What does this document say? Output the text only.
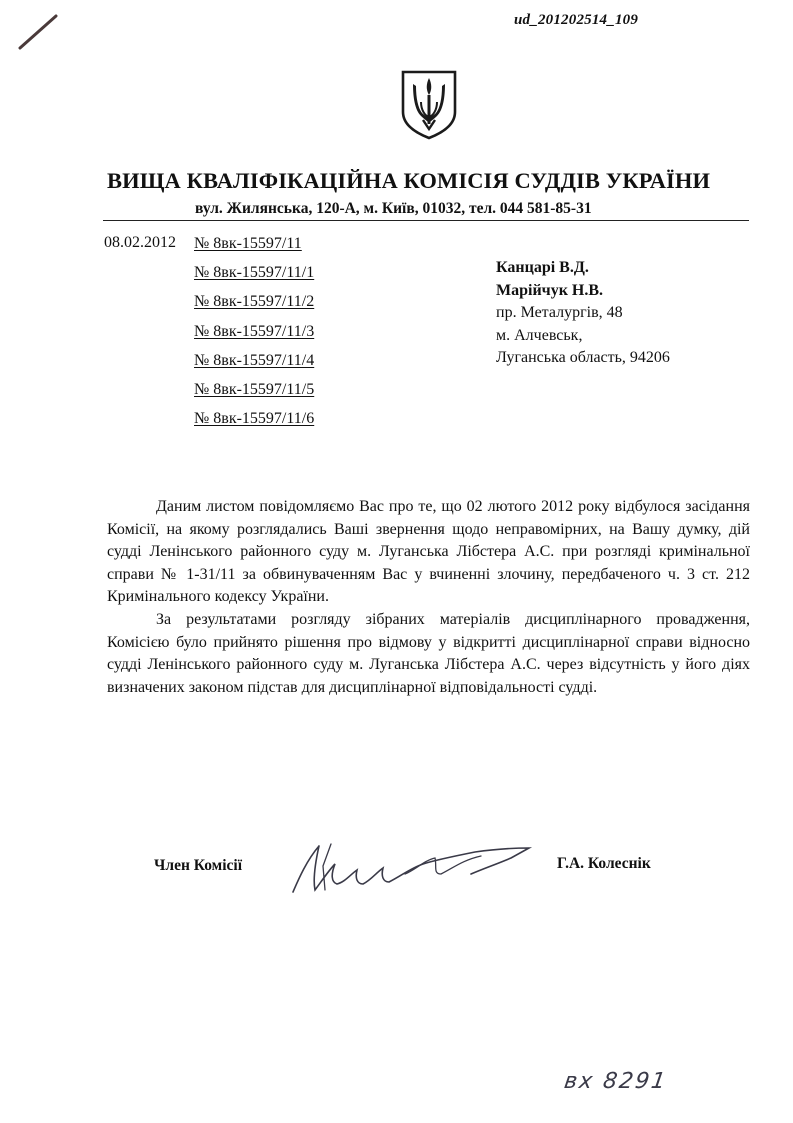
ud_201202514_109
ВИЩА КВАЛІФІКАЦІЙНА КОМІСІЯ СУДДІВ УКРАЇНИ
вул. Жилянська, 120-А, м. Київ, 01032, тел. 044 581-85-31
08.02.2012 № 8вк-15597/11
№ 8вк-15597/11/1
№ 8вк-15597/11/2
№ 8вк-15597/11/3
№ 8вк-15597/11/4
№ 8вк-15597/11/5
№ 8вк-15597/11/6
Канцарі В.Д.
Марійчук Н.В.
пр. Металургів, 48
м. Алчевськ,
Луганська область, 94206

Даним листом повідомляємо Вас про те, що 02 лютого 2012 року відбулося засідання Комісії, на якому розглядались Ваші звернення щодо неправомірних, на Вашу думку, дій судді Ленінського районного суду м. Луганська Лібстера А.С. при розгляді кримінальної справи № 1-31/11 за обвинуваченням Вас у вчиненні злочину, передбаченого ч. 3 ст. 212 Кримінального кодексу України.

За результатами розгляду зібраних матеріалів дисциплінарного провадження, Комісією було прийнято рішення про відмову у відкритті дисциплінарної справи відносно судді Ленінського районного суду м. Луганська Лібстера А.С. через відсутність у його діях визначених законом підстав для дисциплінарної відповідальності судді.

Член Комісії	Г.А. Колеснік
вх 8291
